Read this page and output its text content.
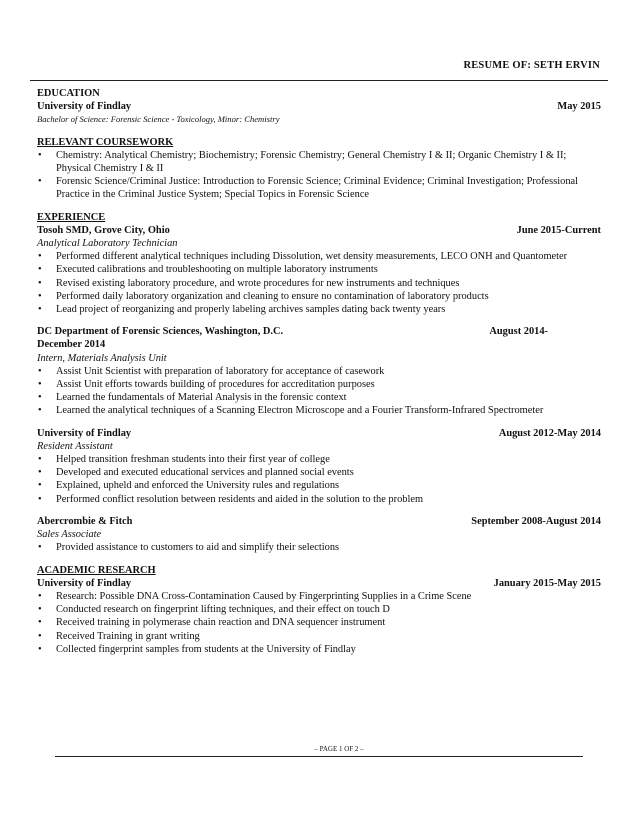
RESUME OF: SETH ERVIN
EDUCATION
University of Findlay	May 2015
Bachelor of Science: Forensic Science - Toxicology, Minor: Chemistry
RELEVANT COURSEWORK
• Chemistry: Analytical Chemistry; Biochemistry; Forensic Chemistry; General Chemistry I & II; Organic Chemistry I & II; Physical Chemistry I & II
• Forensic Science/Criminal Justice: Introduction to Forensic Science; Criminal Evidence; Criminal Investigation; Professional Practice in the Criminal Justice System; Special Topics in Forensic Science
EXPERIENCE
Tosoh SMD, Grove City, Ohio	June 2015-Current
Analytical Laboratory Technician
• Performed different analytical techniques including Dissolution, wet density measurements, LECO ONH and Quantometer
• Executed calibrations and troubleshooting on multiple laboratory instruments
• Revised existing laboratory procedure, and wrote procedures for new instruments and techniques
• Performed daily laboratory organization and cleaning to ensure no contamination of laboratory products
• Lead project of reorganizing and properly labeling archives samples dating back twenty years
DC Department of Forensic Sciences, Washington, D.C.	August 2014-
December 2014
Intern, Materials Analysis Unit
• Assist Unit Scientist with preparation of laboratory for acceptance of casework
• Assist Unit efforts towards building of procedures for accreditation purposes
• Learned the fundamentals of Material Analysis in the forensic context
• Learned the analytical techniques of a Scanning Electron Microscope and a Fourier Transform-Infrared Spectrometer
University of Findlay	August 2012-May 2014
Resident Assistant
• Helped transition freshman students into their first year of college
• Developed and executed educational services and planned social events
• Explained, upheld and enforced the University rules and regulations
• Performed conflict resolution between residents and aided in the solution to the problem
Abercrombie & Fitch	September 2008-August 2014
Sales Associate
• Provided assistance to customers to aid and simplify their selections
ACADEMIC RESEARCH
University of Findlay	January 2015-May 2015
• Research: Possible DNA Cross-Contamination Caused by Fingerprinting Supplies in a Crime Scene
• Conducted research on fingerprint lifting techniques, and their effect on touch D
• Received training in polymerase chain reaction and DNA sequencer instrument
• Received Training in grant writing
• Collected fingerprint samples from students at the University of Findlay
– PAGE 1 OF 2 –
